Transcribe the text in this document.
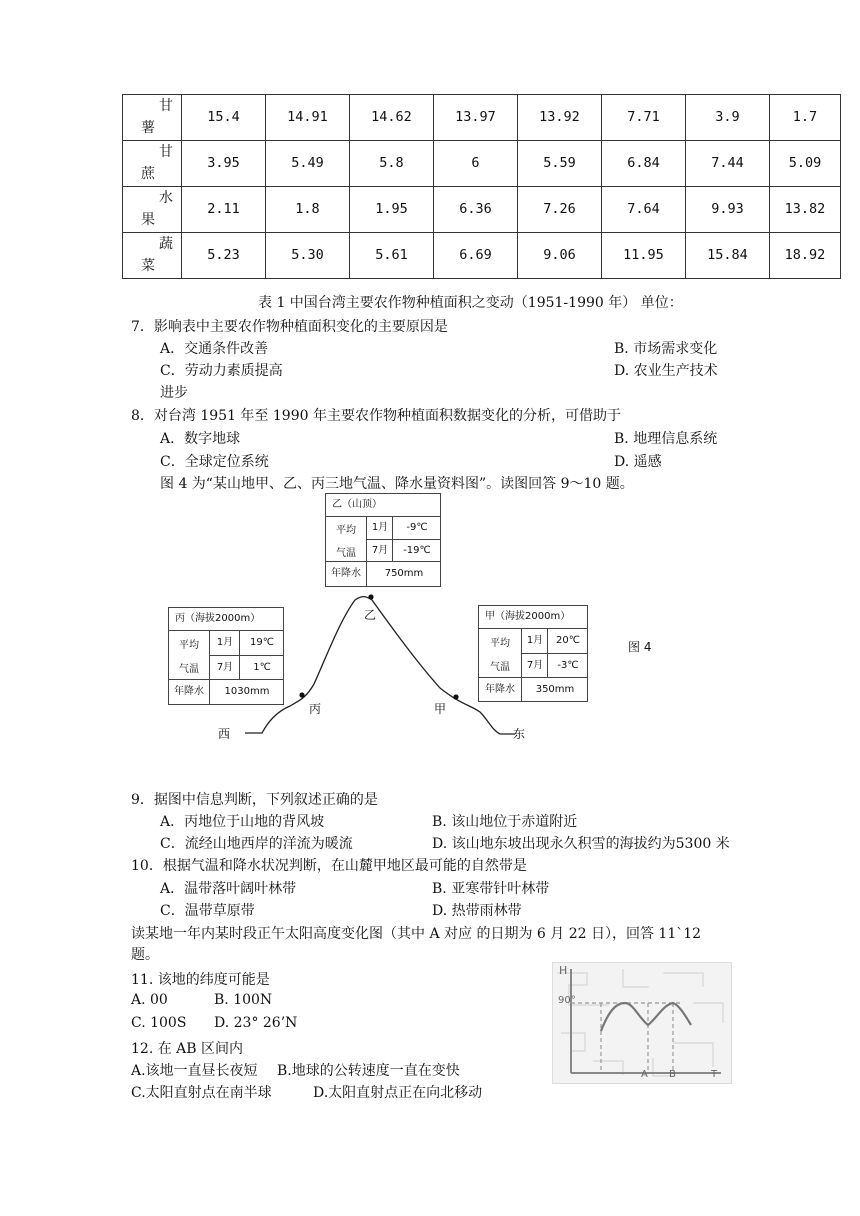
甘
薯	15.4	14.91	14.62	13.97	13.92	7.71	3.9	1.7

甘
蔗	3.95	5.49	5.8	6	5.59	6.84	7.44	5.09

水
果	2.11	1.8	1.95	6.36	7.26	7.64	9.93	13.82

蔬
菜	5.23	5.30	5.61	6.69	9.06	11.95	15.84	18.92
表 1 中国台湾主要农作物种植面积之变动（1951-1990 年） 单位：
7．影响表中主要农作物种植面积变化的主要原因是
A．交通条件改善	B. 市场需求变化
C．劳动力素质提高	D. 农业生产技术
进步
8．对台湾 1951 年至 1990 年主要农作物种植面积数据变化的分析，可借助于
A．数字地球	B. 地理信息系统
C．全球定位系统	D. 遥感
图 4 为“某山地甲、乙、丙三地气温、降水量资料图”。读图回答 9～10 题。
乙（山顶）
平均
气温
1月	-9℃
7月	-19℃
年降水	750mm
丙（海拔2000m）
平均
气温
1月	19℃
7月	1℃
年降水	1030mm
甲（海拔2000m）
平均
气温
1月	20℃
7月	-3℃
年降水	350mm
乙
丙	甲
西	东
图 4
9．据图中信息判断，下列叙述正确的是
A．丙地位于山地的背风坡	B. 该山地位于赤道附近
C．流经山地西岸的洋流为暖流	D. 该山地东坡出现永久积雪的海拔约为5300 米
10．根据气温和降水状况判断，在山麓甲地区最可能的自然带是
A．温带落叶阔叶林带	B. 亚寒带针叶林带
C．温带草原带	D. 热带雨林带
读某地一年内某时段正午太阳高度变化图（其中 A 对应 的日期为 6 月 22 日），回答 11`12
题。
11. 该地的纬度可能是
A. 00	B. 100N
C. 100S D. 23° 26’N
12. 在 AB 区间内
A.该地一直昼长夜短 B.地球的公转速度一直在变快
C.太阳直射点在南半球	D.太阳直射点正在向北移动
H
90°
A B	T
